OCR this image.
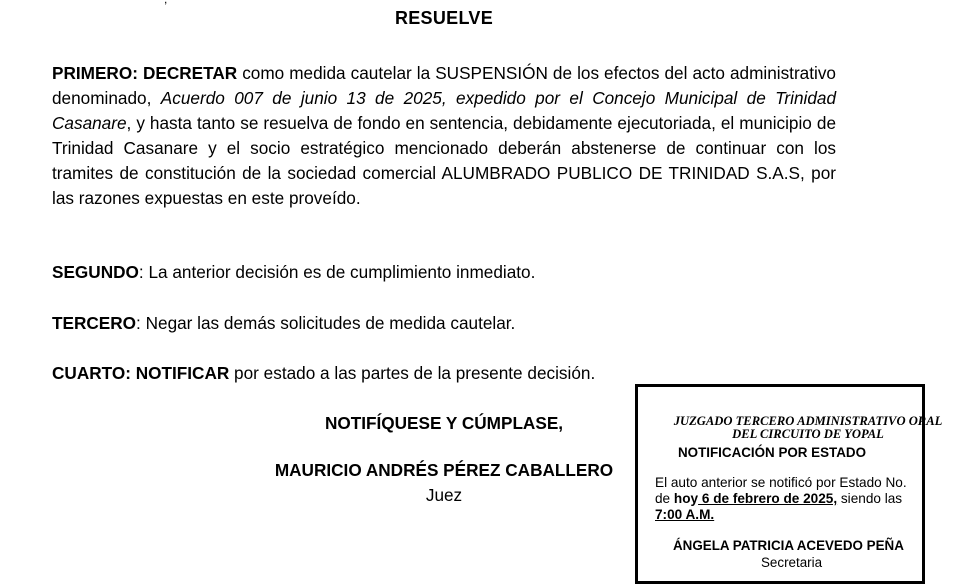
RESUELVE

PRIMERO: DECRETAR como medida cautelar la SUSPENSIÓN de los efectos del acto administrativo denominado, Acuerdo 007 de junio 13 de 2025, expedido por el Concejo Municipal de Trinidad Casanare, y hasta tanto se resuelva de fondo en sentencia, debidamente ejecutoriada, el municipio de Trinidad Casanare y el socio estratégico mencionado deberán abstenerse de continuar con los tramites de constitución de la sociedad comercial ALUMBRADO PUBLICO DE TRINIDAD S.A.S, por las razones expuestas en este proveído.

SEGUNDO: La anterior decisión es de cumplimiento inmediato.

TERCERO: Negar las demás solicitudes de medida cautelar.

CUARTO: NOTIFICAR por estado a las partes de la presente decisión.

NOTIFÍQUESE Y CÚMPLASE,
MAURICIO ANDRÉS PÉREZ CABALLERO
Juez
JUZGADO TERCERO ADMINISTRATIVO ORAL
DEL CIRCUITO DE YOPAL
NOTIFICACIÓN POR ESTADO
El auto anterior se notificó por Estado No.
de hoy 6 de febrero de 2025, siendo las
7:00 A.M.
ÁNGELA PATRICIA ACEVEDO PEÑA
Secretaria
